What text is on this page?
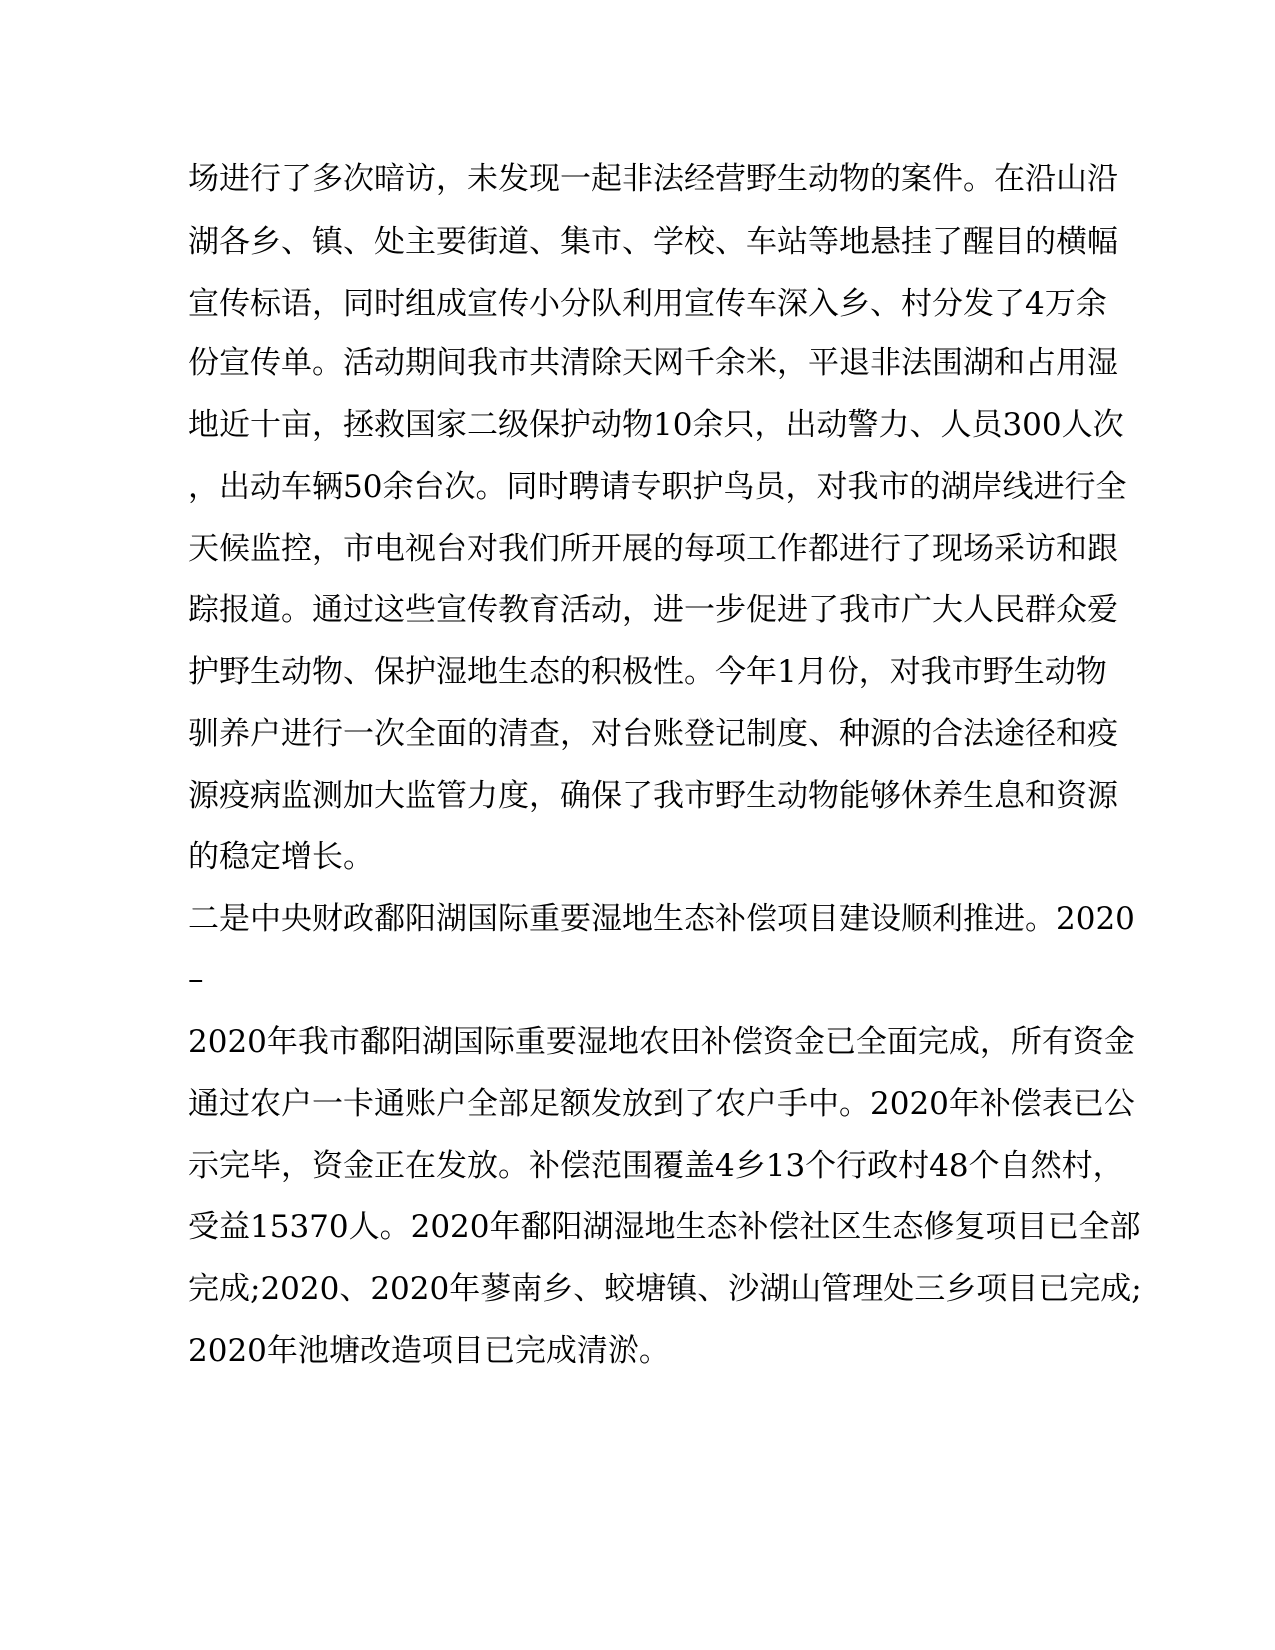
场进行了多次暗访，未发现一起非法经营野生动物的案件。在沿山沿
湖各乡、镇、处主要街道、集市、学校、车站等地悬挂了醒目的横幅
宣传标语，同时组成宣传小分队利用宣传车深入乡、村分发了4万余
份宣传单。活动期间我市共清除天网千余米，平退非法围湖和占用湿
地近十亩，拯救国家二级保护动物10余只，出动警力、人员300人次
，出动车辆50余台次。同时聘请专职护鸟员，对我市的湖岸线进行全
天候监控，市电视台对我们所开展的每项工作都进行了现场采访和跟
踪报道。通过这些宣传教育活动，进一步促进了我市广大人民群众爱
护野生动物、保护湿地生态的积极性。今年1月份，对我市野生动物
驯养户进行一次全面的清查，对台账登记制度、种源的合法途径和疫
源疫病监测加大监管力度，确保了我市野生动物能够休养生息和资源
的稳定增长。
二是中央财政鄱阳湖国际重要湿地生态补偿项目建设顺利推进。2020
–
2020年我市鄱阳湖国际重要湿地农田补偿资金已全面完成，所有资金
通过农户一卡通账户全部足额发放到了农户手中。2020年补偿表已公
示完毕，资金正在发放。补偿范围覆盖4乡13个行政村48个自然村，
受益15370人。2020年鄱阳湖湿地生态补偿社区生态修复项目已全部
完成;2020、2020年蓼南乡、蛟塘镇、沙湖山管理处三乡项目已完成;
2020年池塘改造项目已完成清淤。
